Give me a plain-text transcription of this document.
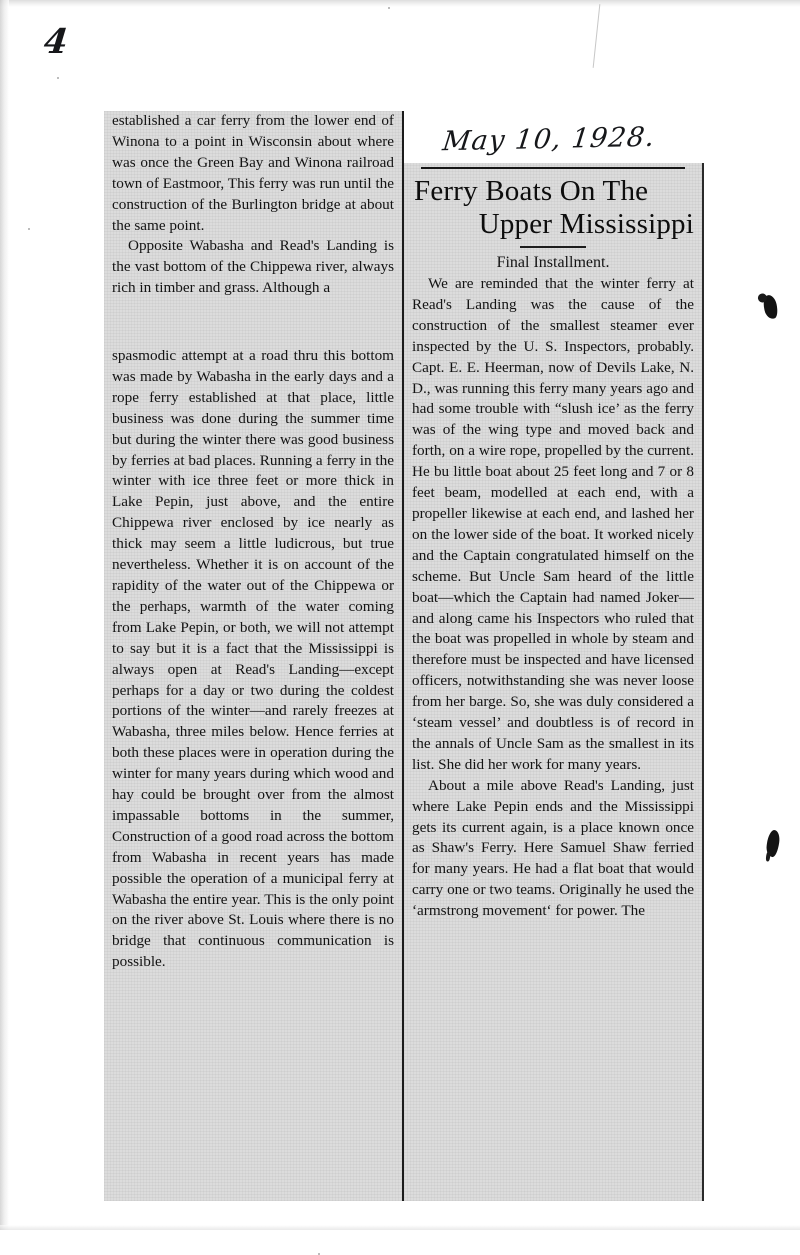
4
May 10, 1928.

established a car ferry from the lower end of Winona to a point in Wisconsin about where was once the Green Bay and Winona railroad town of Eastmoor, This ferry was run until the construction of the Burlington bridge at about the same point.

Opposite Wabasha and Read's Landing is the vast bottom of the Chippewa river, always rich in timber and grass. Although a

spasmodic attempt at a road thru this bottom was made by Wabasha in the early days and a rope ferry established at that place, little business was done during the summer time but during the winter there was good business by ferries at bad places. Running a ferry in the winter with ice three feet or more thick in Lake Pepin, just above, and the entire Chippewa river enclosed by ice nearly as thick may seem a little ludicrous, but true nevertheless. Whether it is on account of the rapidity of the water out of the Chippewa or the perhaps, warmth of the water coming from Lake Pepin, or both, we will not attempt to say but it is a fact that the Mississippi is always open at Read's Landing—except perhaps for a day or two during the coldest portions of the winter—and rarely freezes at Wabasha, three miles below. Hence ferries at both these places were in operation during the winter for many years during which wood and hay could be brought over from the almost impassable bottoms in the summer, Construction of a good road across the bottom from Wabasha in recent years has made possible the operation of a municipal ferry at Wabasha the entire year. This is the only point on the river above St. Louis where there is no bridge that continuous communication is possible.

Ferry Boats On The
Upper Mississippi
Final Installment.

We are reminded that the winter ferry at Read's Landing was the cause of the construction of the smallest steamer ever inspected by the U. S. Inspectors, probably. Capt. E. E. Heerman, now of Devils Lake, N. D., was running this ferry many years ago and had some trouble with “slush ice’ as the ferry was of the wing type and moved back and forth, on a wire rope, propelled by the current. He bu little boat about 25 feet long and 7 or 8 feet beam, modelled at each end, with a propeller likewise at each end, and lashed her on the lower side of the boat. It worked nicely and the Captain congratulated himself on the scheme. But Uncle Sam heard of the little boat—which the Captain had named Joker—and along came his Inspectors who ruled that the boat was propelled in whole by steam and therefore must be inspected and have licensed officers, notwithstanding she was never loose from her barge. So, she was duly considered a ‘steam vessel’ and doubtless is of record in the annals of Uncle Sam as the smallest in its list. She did her work for many years.

About a mile above Read's Landing, just where Lake Pepin ends and the Mississippi gets its current again, is a place known once as Shaw's Ferry. Here Samuel Shaw ferried for many years. He had a flat boat that would carry one or two teams. Originally he used the ‘armstrong movement‘ for power. The
